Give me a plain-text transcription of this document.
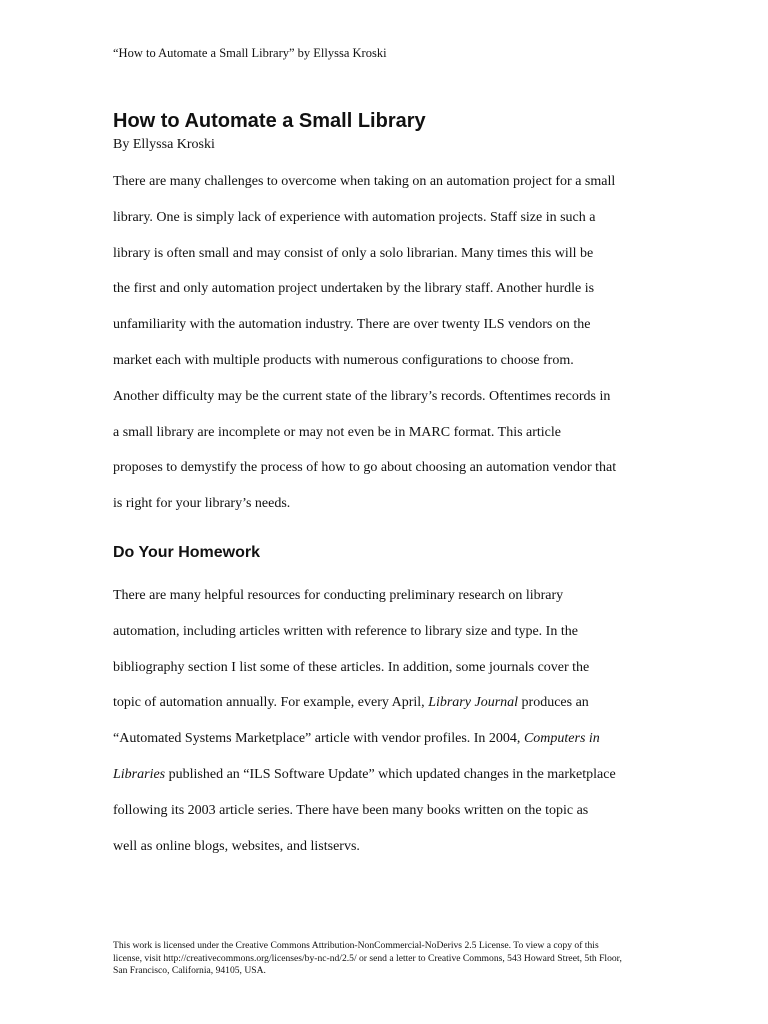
“How to Automate a Small Library” by Ellyssa Kroski
How to Automate a Small Library
By Ellyssa Kroski

There are many challenges to overcome when taking on an automation project for a small
library. One is simply lack of experience with automation projects. Staff size in such a
library is often small and may consist of only a solo librarian. Many times this will be
the first and only automation project undertaken by the library staff. Another hurdle is
unfamiliarity with the automation industry. There are over twenty ILS vendors on the
market each with multiple products with numerous configurations to choose from.
Another difficulty may be the current state of the library’s records. Oftentimes records in
a small library are incomplete or may not even be in MARC format. This article
proposes to demystify the process of how to go about choosing an automation vendor that
is right for your library’s needs.

Do Your Homework

There are many helpful resources for conducting preliminary research on library
automation, including articles written with reference to library size and type. In the
bibliography section I list some of these articles. In addition, some journals cover the
topic of automation annually. For example, every April, Library Journal produces an
“Automated Systems Marketplace” article with vendor profiles. In 2004, Computers in
Libraries published an “ILS Software Update” which updated changes in the marketplace
following its 2003 article series. There have been many books written on the topic as
well as online blogs, websites, and listservs.

This work is licensed under the Creative Commons Attribution-NonCommercial-NoDerivs 2.5 License. To view a copy of this
license, visit http://creativecommons.org/licenses/by-nc-nd/2.5/ or send a letter to Creative Commons, 543 Howard Street, 5th Floor,
San Francisco, California, 94105, USA.
